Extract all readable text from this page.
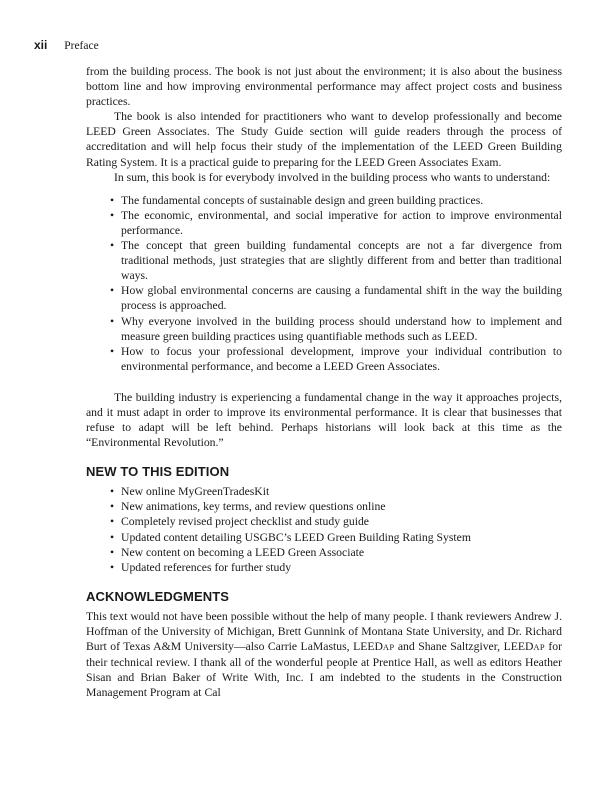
xii Preface

from the building process. The book is not just about the environment; it is also about the business bottom line and how improving environmental performance may affect project costs and business practices.

The book is also intended for practitioners who want to develop professionally and become LEED Green Associates. The Study Guide section will guide readers through the process of accreditation and will help focus their study of the implementation of the LEED Green Building Rating System. It is a practical guide to preparing for the LEED Green Associates Exam.

In sum, this book is for everybody involved in the building process who wants to understand:

• The fundamental concepts of sustainable design and green building practices.
• The economic, environmental, and social imperative for action to improve environmental performance.
• The concept that green building fundamental concepts are not a far divergence from traditional methods, just strategies that are slightly different from and better than traditional ways.
• How global environmental concerns are causing a fundamental shift in the way the building process is approached.
• Why everyone involved in the building process should understand how to implement and measure green building practices using quantifiable methods such as LEED.
• How to focus your professional development, improve your individual contribution to environmental performance, and become a LEED Green Associates.

The building industry is experiencing a fundamental change in the way it approaches projects, and it must adapt in order to improve its environmental performance. It is clear that businesses that refuse to adapt will be left behind. Perhaps historians will look back at this time as the “Environmental Revolution.”

NEW TO THIS EDITION
• New online MyGreenTradesKit
• New animations, key terms, and review questions online
• Completely revised project checklist and study guide
• Updated content detailing USGBC’s LEED Green Building Rating System
• New content on becoming a LEED Green Associate
• Updated references for further study
ACKNOWLEDGMENTS

This text would not have been possible without the help of many people. I thank reviewers Andrew J. Hoffman of the University of Michigan, Brett Gunnink of Montana State University, and Dr. Richard Burt of Texas A&M University—also Carrie LaMastus, LEEDAP and Shane Saltzgiver, LEEDAP for their technical review. I thank all of the wonderful people at Prentice Hall, as well as editors Heather Sisan and Brian Baker of Write With, Inc. I am indebted to the students in the Construction Management Program at Cal
